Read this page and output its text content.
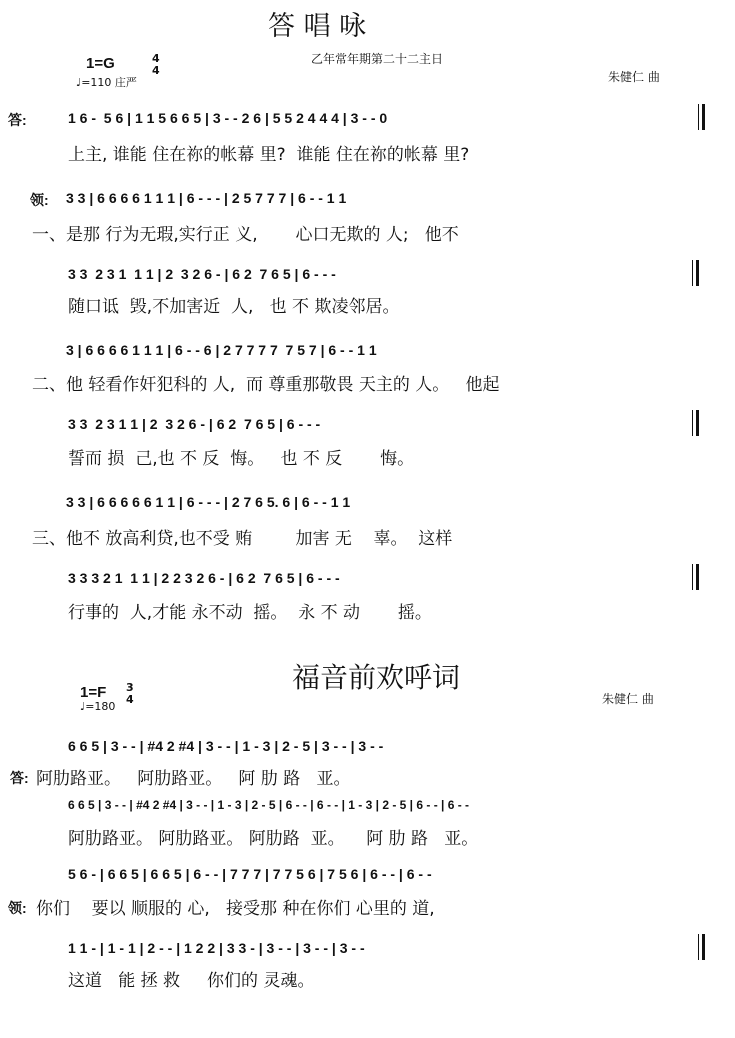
答 唱 咏
乙年常年期第二十二主日
1=G	4
4
♩=110 庄严	朱健仁 曲
答:	1 6 -  5 6 | 1 1 5 6 6 5 | 3 - - 2 6 | 5 5 2 4 4 4 | 3 - - 0
上主, 谁能 住在祢的帐幕 里?  谁能 住在祢的帐幕 里?
领: 3 3 | 6 6 6 6 1 1 1 | 6 - - - | 2 5 7 7 7 | 6 - - 1 1
一、是那 行为无瑕,实行正 义,       心口无欺的 人;   他不
3 3  2 3 1  1 1 | 2  3 2 6 - | 6 2  7 6 5 | 6 - - -
随口诋  毁,不加害近  人,   也 不 欺凌邻居。
3 | 6 6 6 6 1 1 1 | 6 - - 6 | 2 7 7 7 7  7 5 7 | 6 - - 1 1
二、他 轻看作奸犯科的 人,  而 尊重那敬畏 天主的 人。   他起
3 3  2 3 1 1 | 2  3 2 6 - | 6 2  7 6 5 | 6 - - -
誓而 损  己,也 不 反  悔。   也 不 反       悔。
3 3 | 6 6 6 6 6 1 1 | 6 - - - | 2 7 6 5. 6 | 6 - - 1 1
三、他不 放高利贷,也不受 贿        加害 无    辜。  这样
3 3 3 2 1  1 1 | 2 2 3 2 6 - | 6 2  7 6 5 | 6 - - -
行事的  人,才能 永不动  摇。  永 不 动       摇。
福音前欢呼词
1=F 3
4
♩=180
朱健仁 曲
6 6 5 | 3 - - | #4 2 #4 | 3 - - | 1 - 3 | 2 - 5 | 3 - - | 3 - -
答: 阿肋路亚。   阿肋路亚。   阿 肋 路   亚。
6 6 5 | 3 - - | #4 2 #4 | 3 - - | 1 - 3 | 2 - 5 | 6 - - | 6 - - | 1 - 3 | 2 - 5 | 6 - - | 6 - -
阿肋路亚。 阿肋路亚。 阿肋路  亚。    阿 肋 路   亚。
5 6 - | 6 6 5 | 6 6 5 | 6 - - | 7 7 7 | 7 7 5 6 | 7 5 6 | 6 - - | 6 - -
领: 你们    要以 顺服的 心,   接受那 种在你们 心里的 道,
1 1 - | 1 - 1 | 2 - - | 1 2 2 | 3 3 - | 3 - - | 3 - - | 3 - -
这道   能 拯 救     你们的 灵魂。
